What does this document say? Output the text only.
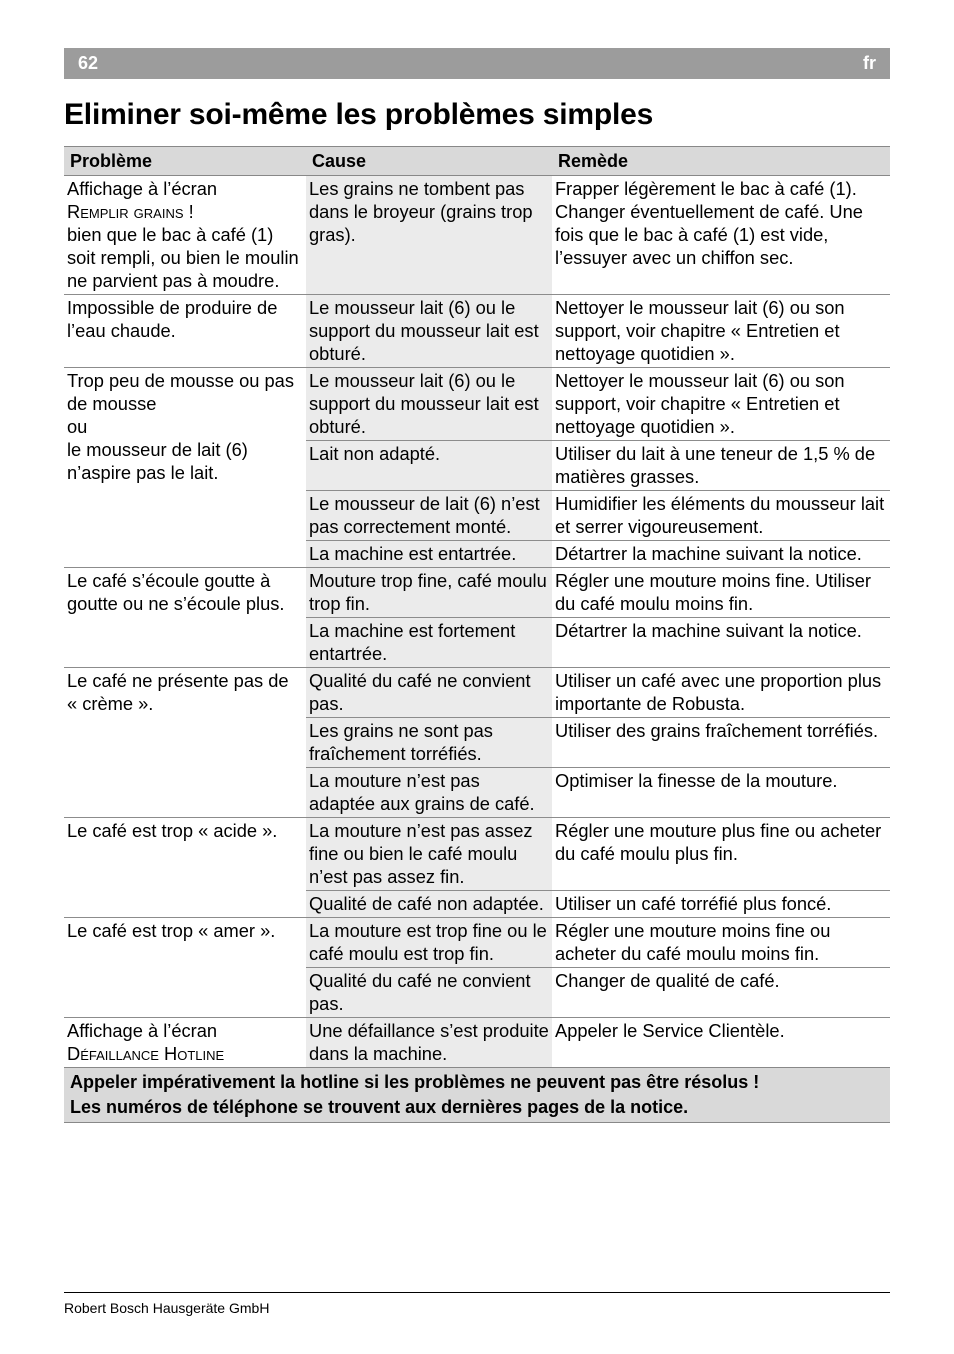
62	fr
Eliminer soi-même les problèmes simples
Problème	Cause	Remède

Affichage à l’écran
Remplir grains !
bien que le bac à café (1) soit rempli, ou bien le moulin ne parvient pas à moudre.	Les grains ne tombent pas dans le broyeur (grains trop gras).	Frapper légèrement le bac à café (1). Changer éventuellement de café. Une fois que le bac à café (1) est vide, l’essuyer avec un chiffon sec.

Impossible de produire de l’eau chaude.	Le mousseur lait (6) ou le support du mousseur lait est obturé.	Nettoyer le mousseur lait (6) ou son support, voir chapitre « Entretien et nettoyage quotidien ».

Trop peu de mousse ou pas de mousse
ou
le mousseur de lait (6) n’aspire pas le lait.	Le mousseur lait (6) ou le support du mousseur lait est obturé.	Nettoyer le mousseur lait (6) ou son support, voir chapitre « Entretien et nettoyage quotidien ».
	Lait non adapté.	Utiliser du lait à une teneur de 1,5 % de matières grasses.
	Le mousseur de lait (6) n’est pas correctement monté.	Humidifier les éléments du mousseur lait et serrer vigoureusement.
	La machine est entartrée.	Détartrer la machine suivant la notice.

Le café s’écoule goutte à goutte ou ne s’écoule plus.	Mouture trop fine, café moulu trop fin.	Régler une mouture moins fine. Utiliser du café moulu moins fin.
	La machine est fortement entartrée.	Détartrer la machine suivant la notice.

Le café ne présente pas de « crème ».	Qualité du café ne convient pas.	Utiliser un café avec une proportion plus importante de Robusta.
	Les grains ne sont pas fraîchement torréfiés.	Utiliser des grains fraîchement torréfiés.
	La mouture n’est pas adaptée aux grains de café.	Optimiser la finesse de la mouture.

Le café est trop « acide ».	La mouture n’est pas assez fine ou bien le café moulu n’est pas assez fin.	Régler une mouture plus fine ou acheter du café moulu plus fin.
	Qualité de café non adaptée.	Utiliser un café torréfié plus foncé.

Le café est trop « amer ».	La mouture est trop fine ou le café moulu est trop fin.	Régler une mouture moins fine ou acheter du café moulu moins fin.
	Qualité du café ne convient pas.	Changer de qualité de café.

Affichage à l’écran
Défaillance Hotline	Une défaillance s’est produite dans la machine.	Appeler le Service Clientèle.

Appeler impérativement la hotline si les problèmes ne peuvent pas être résolus !
Les numéros de téléphone se trouvent aux dernières pages de la notice.		
Robert Bosch Hausgeräte GmbH
